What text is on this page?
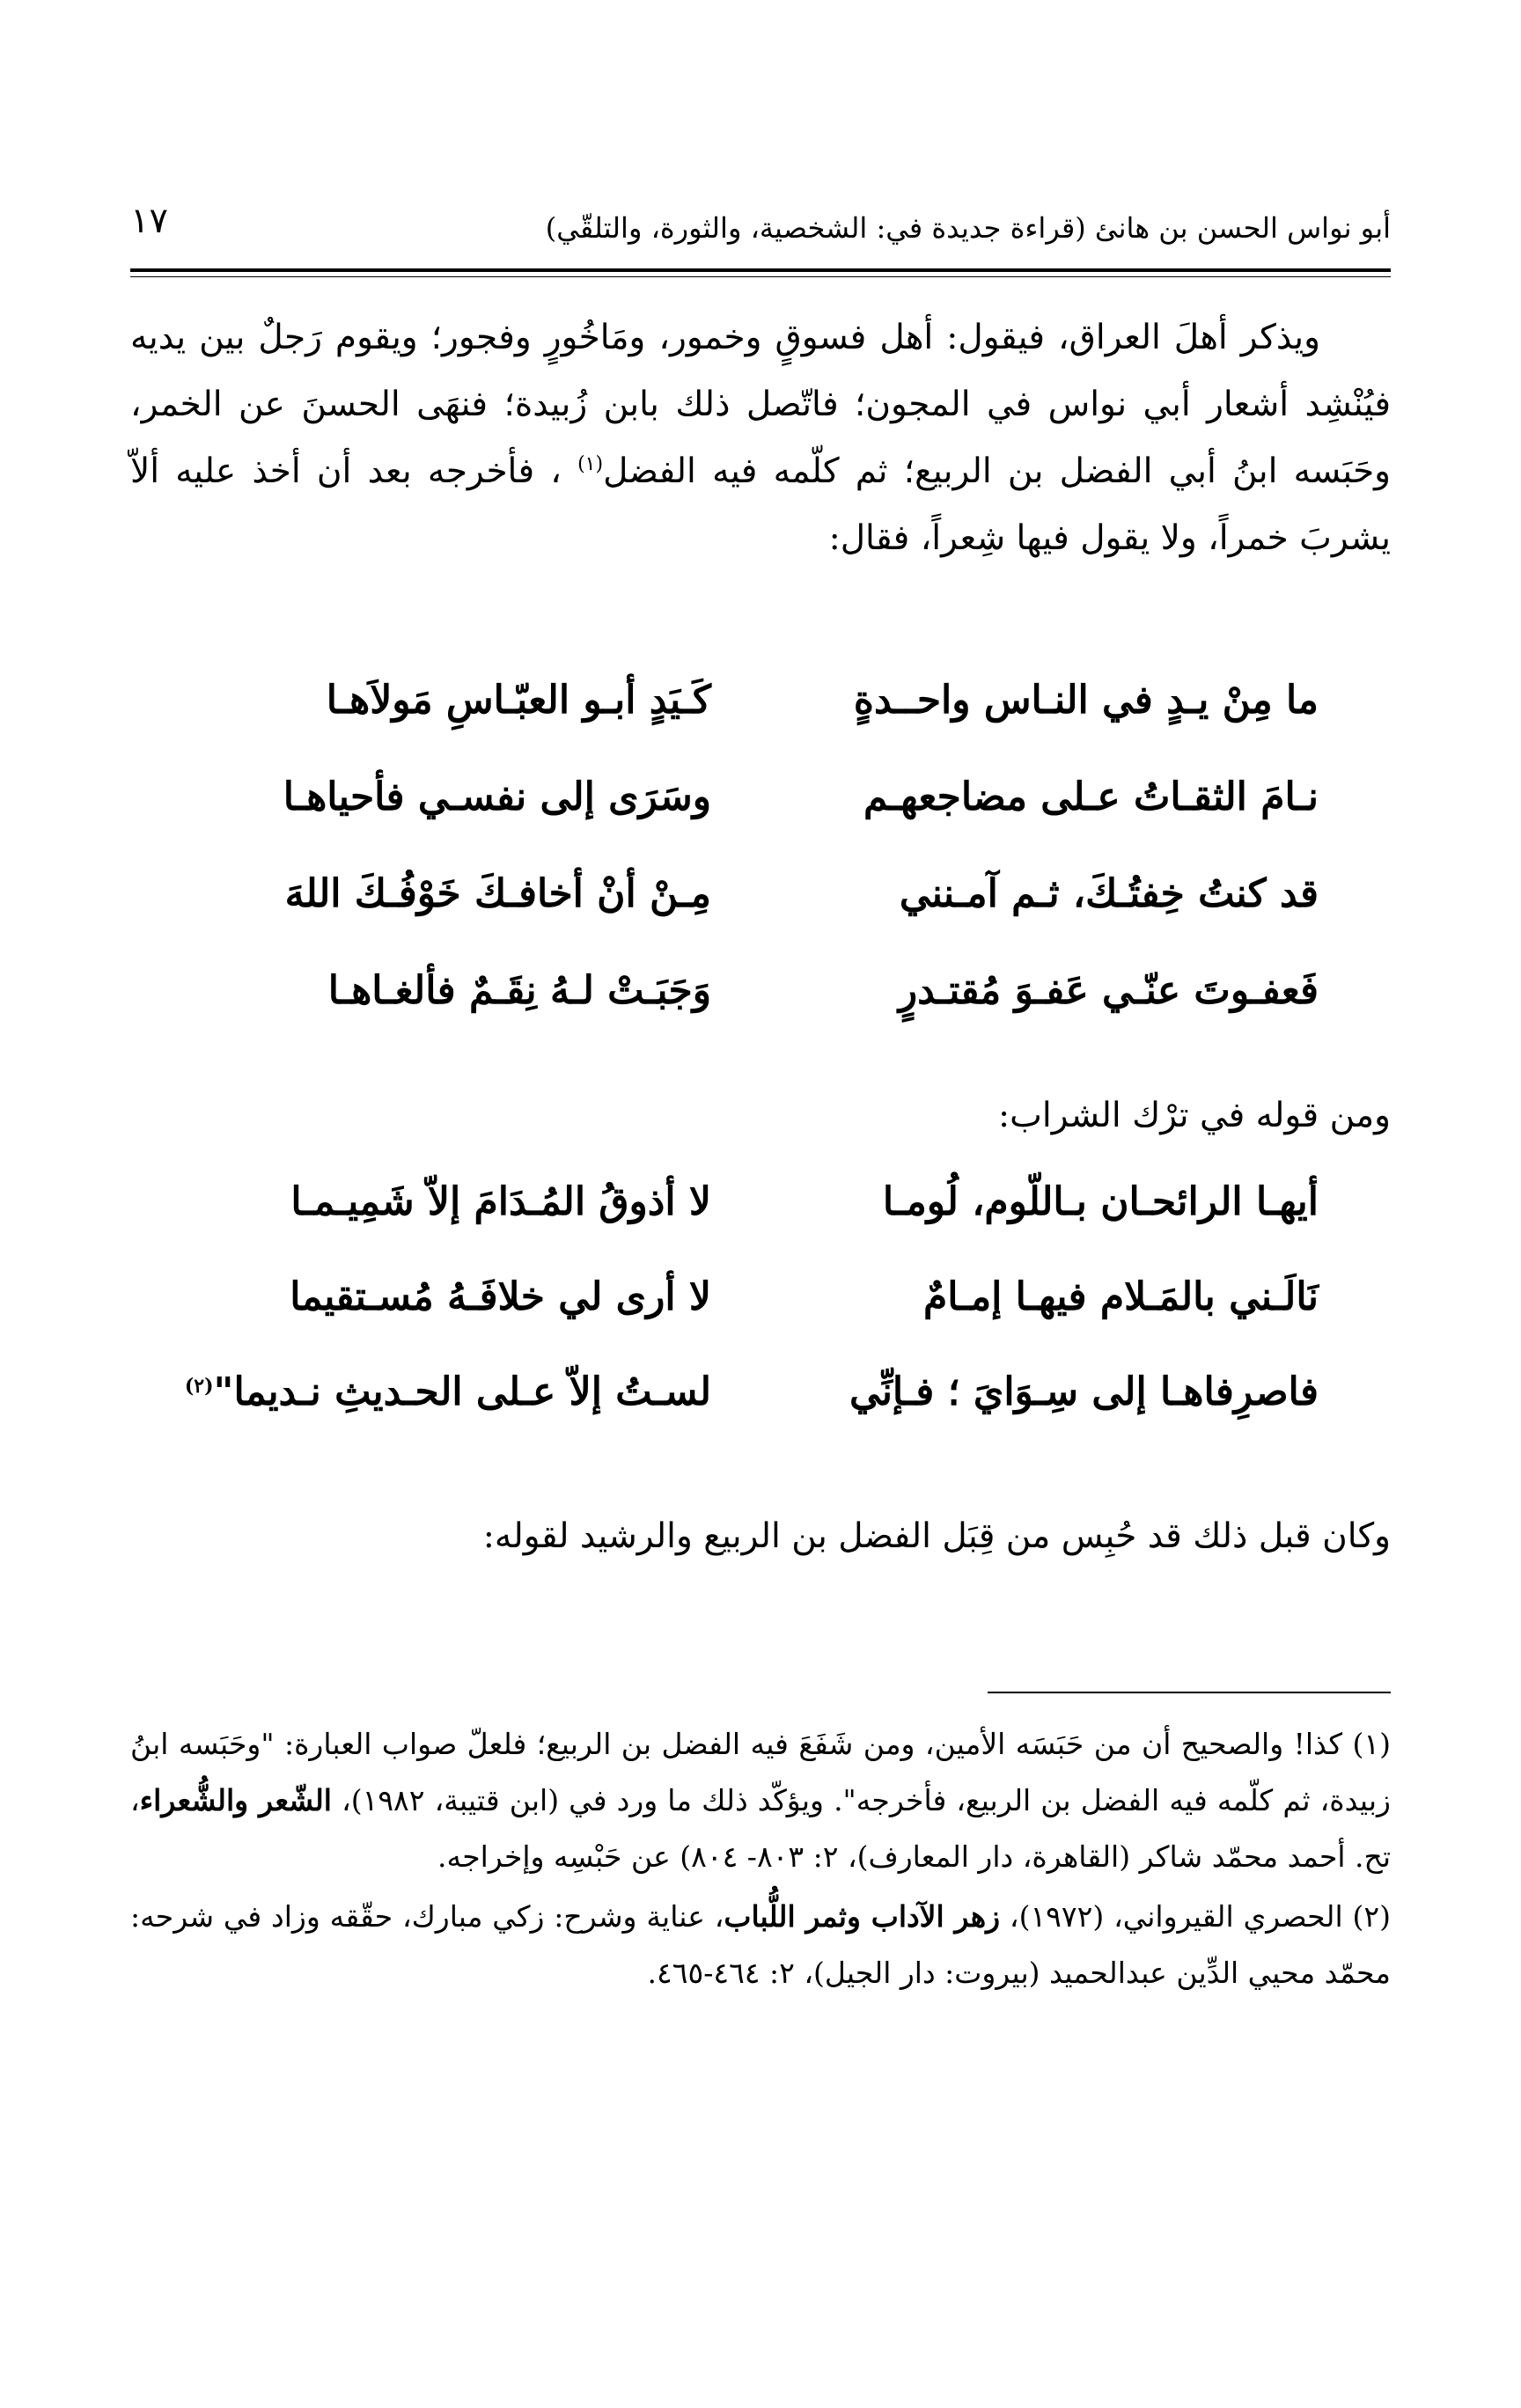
١٧	أبو نواس الحسن بن هانئ (قراءة جديدة في: الشخصية، والثورة، والتلقّي)
ويذكر أهلَ العراق، فيقول: أهل فسوقٍ وخمور، ومَاخُورٍ وفجور؛ ويقوم رَجلٌ بين يديه فيُنْشِد أشعار أبي نواس في المجون؛ فاتّصل ذلك بابن زُبيدة؛ فنهَى الحسنَ عن الخمر، وحَبَسه ابنُ أبي الفضل بن الربيع؛ ثم كلّمه فيه الفضل$^{(١)}$ ، فأخرجه بعد أن أخذ عليه ألاّ يشربَ خمراً، ولا يقول فيها شِعراً، فقال:
ما مِنْ يـدٍ في النـاس واحــدةٍ
كَـيَدٍ أبـو العبّـاسِ مَولاَهـا
نـامَ الثقـاتُ عـلى مضاجعهـم
وسَرَى إلى نفسـي فأحياهـا
قد كنتُ خِفتُـكَ، ثـم آمـنني
مِـنْ أنْ أخافـكَ خَوْفُـكَ اللهَ
فَعفـوتَ عنّـي عَفـوَ مُقتـدرٍ
وَجَبَـتْ لـهُ نِقَـمٌ فألغـاهـا
ومن قوله في ترْك الشراب:
أيهـا الرائحـان بـاللّوم، لُومـا
لا أذوقُ المُـدَامَ إلاّ شَمِيـمـا
نَالَـني بالمَـلام فيهـا إمـامٌ
لا أرى لي خلافَـهُ مُسـتقيما
فاصرِفاهـا إلى سِـوَايَ ؛ فـإنِّي
لسـتُ إلاّ عـلى الحـديثِ نـديما"$^{(٢)}$
وكان قبل ذلك قد حُبِس من قِبَل الفضل بن الربيع والرشيد لقوله:

(١) كذا! والصحيح أن من حَبَسَه الأمين، ومن شَفَعَ فيه الفضل بن الربيع؛ فلعلّ صواب العبارة: "وحَبَسه ابنُ زبيدة، ثم كلّمه فيه الفضل بن الربيع، فأخرجه". ويؤكّد ذلك ما ورد في (ابن قتيبة، ١٩٨٢)، الشّعر والشُّعراء، تح. أحمد محمّد شاكر (القاهرة، دار المعارف)، ٢: ٨٠٣- ٨٠٤) عن حَبْسِه وإخراجه.

(٢) الحصري القيرواني، (١٩٧٢)، زهر الآداب وثمر اللُّباب، عناية وشرح: زكي مبارك، حقّقه وزاد في شرحه: محمّد محيي الدِّين عبدالحميد (بيروت: دار الجيل)، ٢: ٤٦٤-٤٦٥.
